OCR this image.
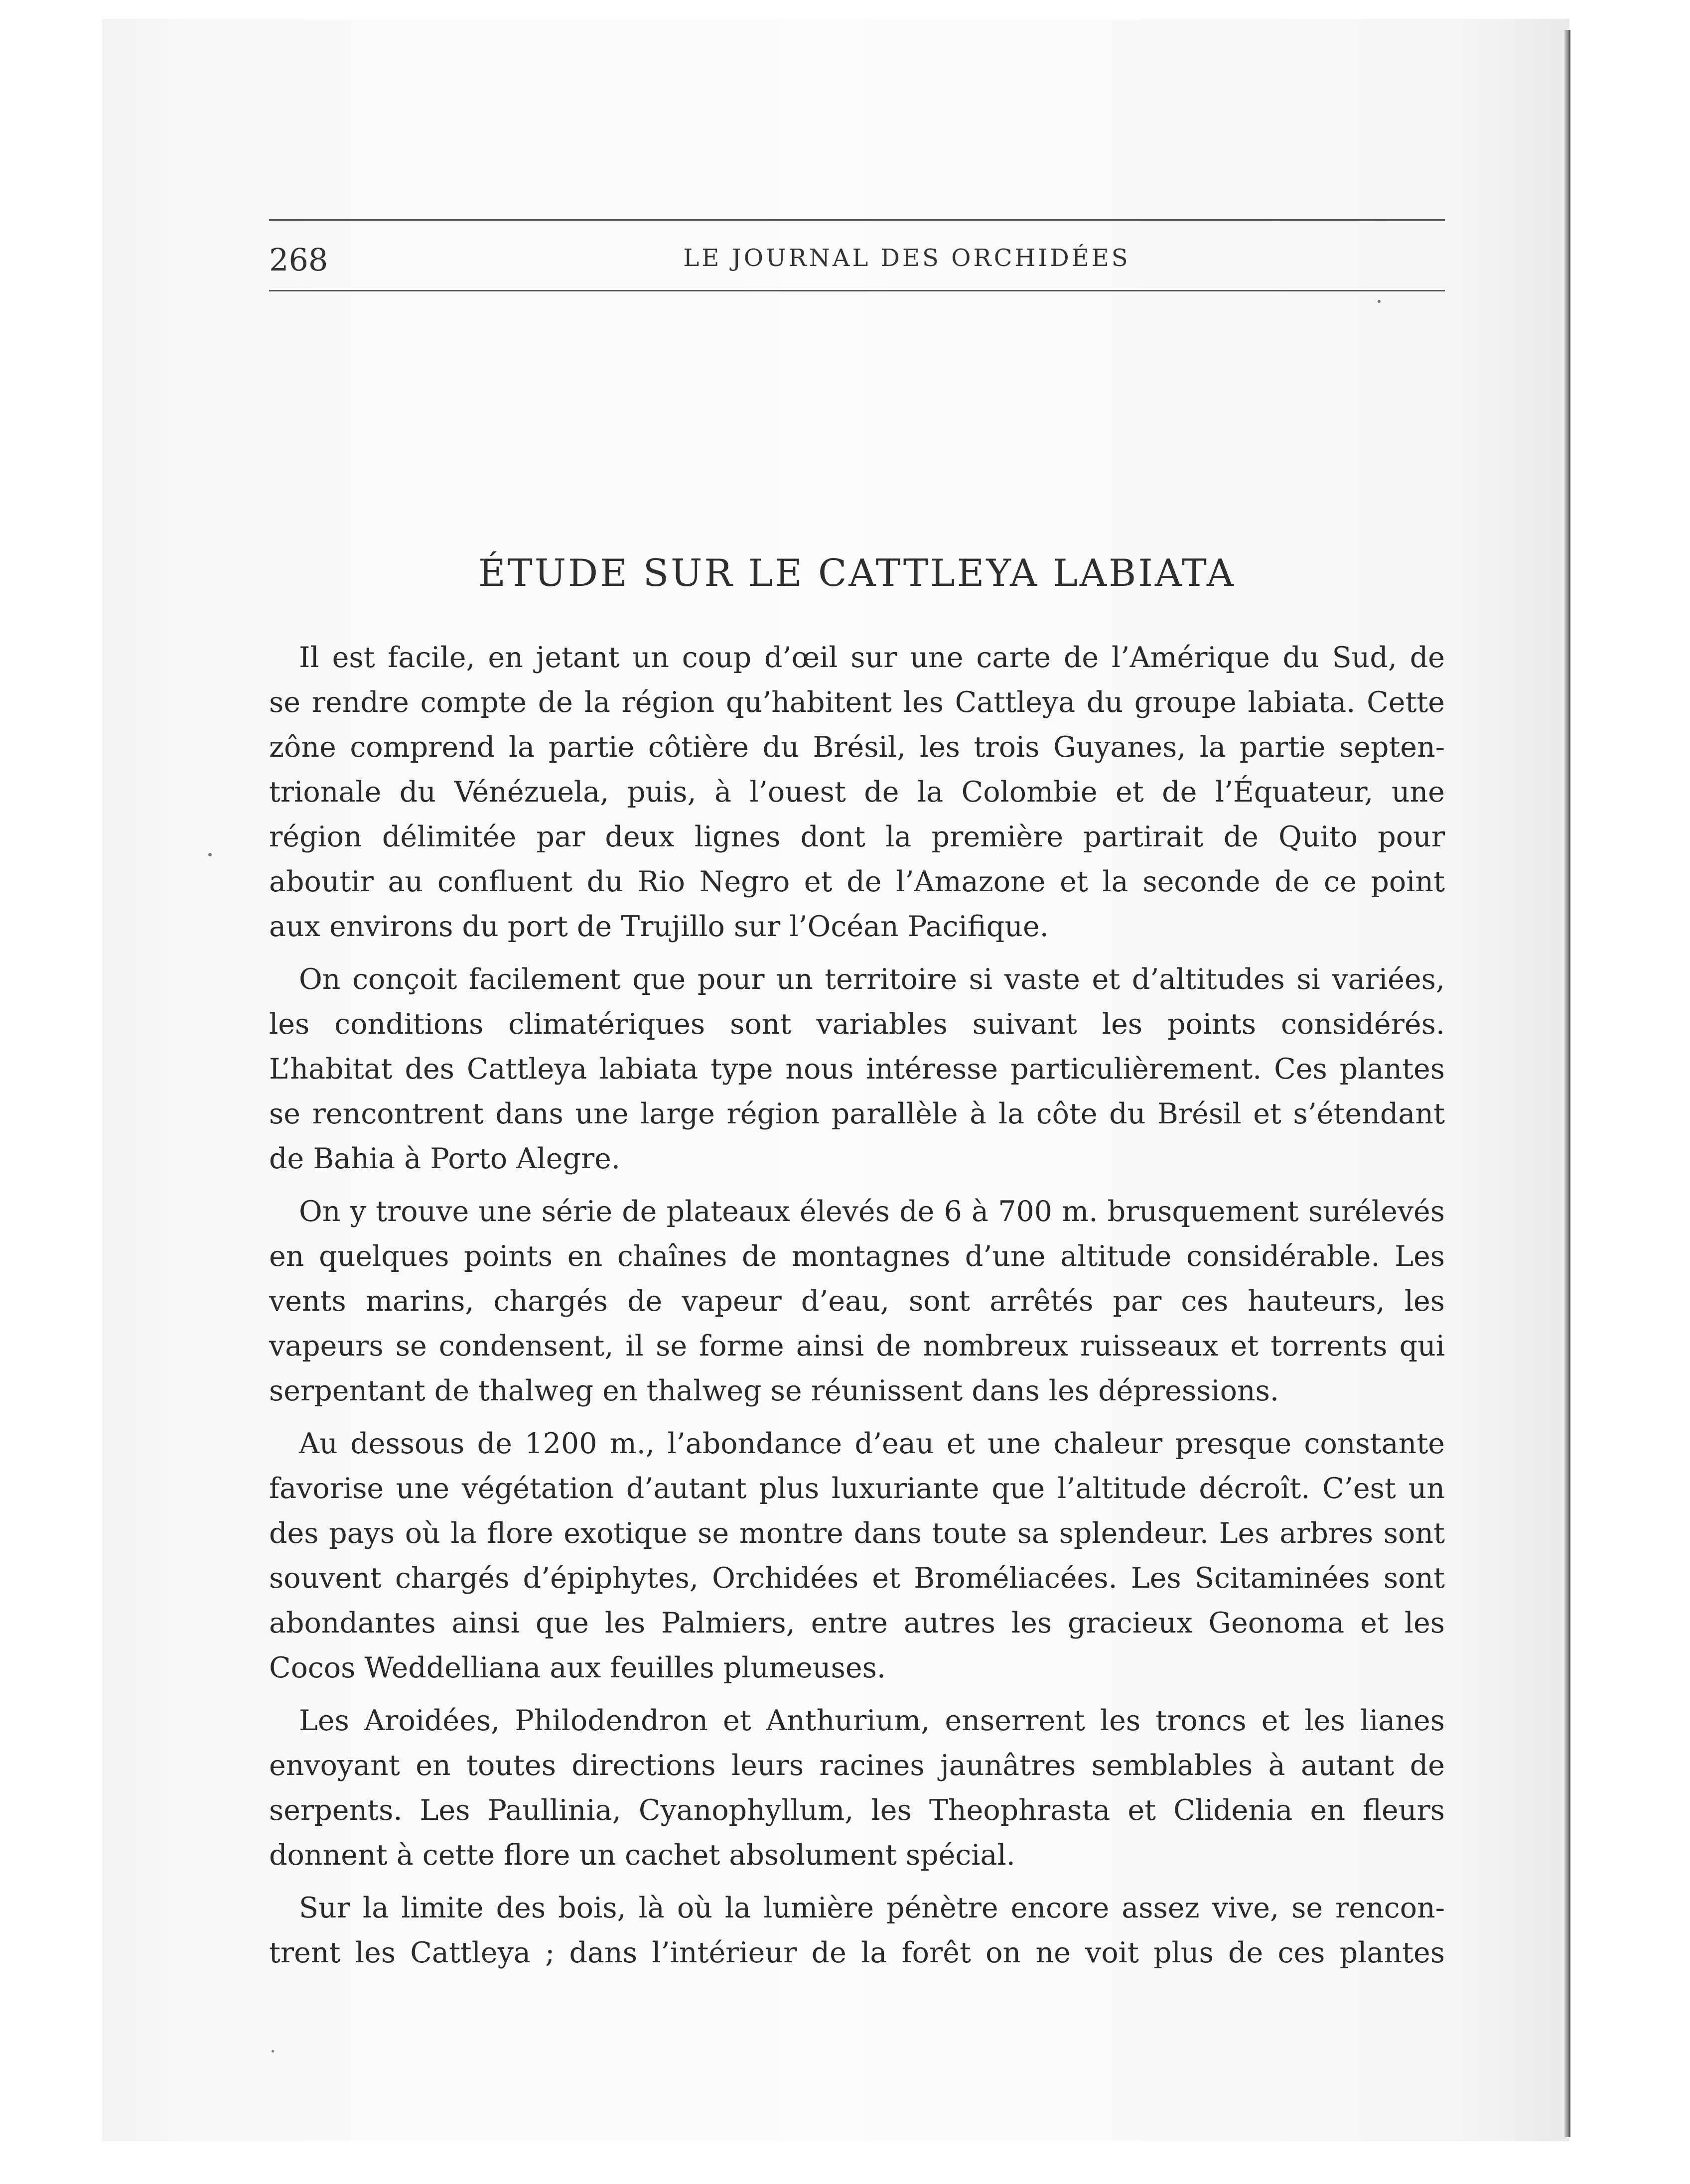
268	LE JOURNAL DES ORCHIDÉES
ÉTUDE SUR LE CATTLEYA LABIATA

Il est facile, en jetant un coup d’œil sur une carte de l’Amérique du Sud, de
se rendre compte de la région qu’habitent les Cattleya du groupe labiata. Cette
zône comprend la partie côtière du Brésil, les trois Guyanes, la partie septen-
trionale du Vénézuela, puis, à l’ouest de la Colombie et de l’Équateur, une
région délimitée par deux lignes dont la première partirait de Quito pour
aboutir au confluent du Rio Negro et de l’Amazone et la seconde de ce point
aux environs du port de Trujillo sur l’Océan Pacifique.

On conçoit facilement que pour un territoire si vaste et d’altitudes si variées,
les conditions climatériques sont variables suivant les points considérés.
L’habitat des Cattleya labiata type nous intéresse particulièrement. Ces plantes
se rencontrent dans une large région parallèle à la côte du Brésil et s’étendant
de Bahia à Porto Alegre.

On y trouve une série de plateaux élevés de 6 à 700 m. brusquement surélevés
en quelques points en chaînes de montagnes d’une altitude considérable. Les
vents marins, chargés de vapeur d’eau, sont arrêtés par ces hauteurs, les
vapeurs se condensent, il se forme ainsi de nombreux ruisseaux et torrents qui
serpentant de thalweg en thalweg se réunissent dans les dépressions.

Au dessous de 1200 m., l’abondance d’eau et une chaleur presque constante
favorise une végétation d’autant plus luxuriante que l’altitude décroît. C’est un
des pays où la flore exotique se montre dans toute sa splendeur. Les arbres sont
souvent chargés d’épiphytes, Orchidées et Broméliacées. Les Scitaminées sont
abondantes ainsi que les Palmiers, entre autres les gracieux Geonoma et les
Cocos Weddelliana aux feuilles plumeuses.

Les Aroidées, Philodendron et Anthurium, enserrent les troncs et les lianes
envoyant en toutes directions leurs racines jaunâtres semblables à autant de
serpents. Les Paullinia, Cyanophyllum, les Theophrasta et Clidenia en fleurs
donnent à cette flore un cachet absolument spécial.

Sur la limite des bois, là où la lumière pénètre encore assez vive, se rencon-
trent les Cattleya ; dans l’intérieur de la forêt on ne voit plus de ces plantes
